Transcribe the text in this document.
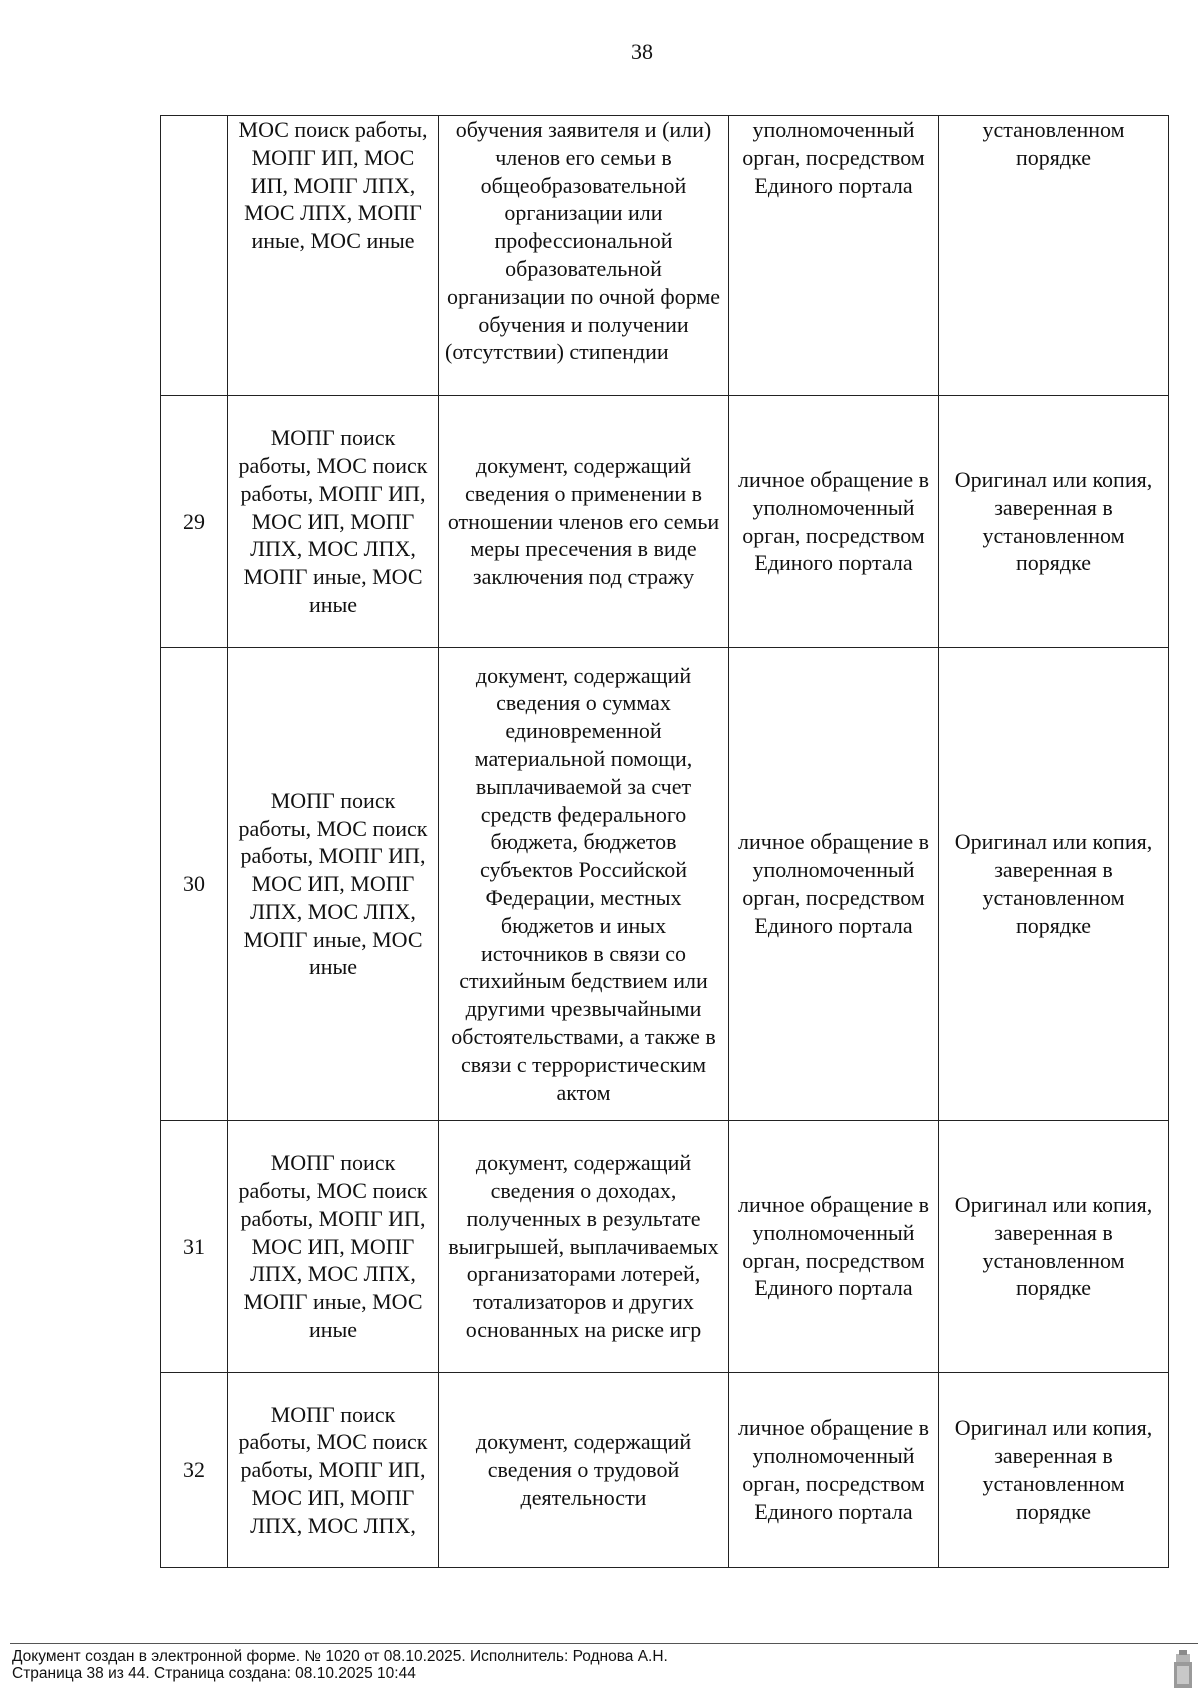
38
	МОС поиск работы, МОПГ ИП, МОС ИП, МОПГ ЛПХ, МОС ЛПХ, МОПГ иные, МОС иные	обучения заявителя и (или) членов его семьи в общеобразовательной организации или профессиональной образовательной организации по очной форме обучения и получении (отсутствии) стипендии	уполномоченный орган, посредством Единого портала	установленном порядке
29	МОПГ поиск работы, МОС поиск работы, МОПГ ИП, МОС ИП, МОПГ ЛПХ, МОС ЛПХ, МОПГ иные, МОС иные	документ, содержащий сведения о применении в отношении членов его семьи меры пресечения в виде заключения под стражу	личное обращение в уполномоченный орган, посредством Единого портала	Оригинал или копия, заверенная в установленном порядке
30	МОПГ поиск работы, МОС поиск работы, МОПГ ИП, МОС ИП, МОПГ ЛПХ, МОС ЛПХ, МОПГ иные, МОС иные	документ, содержащий сведения о суммах единовременной материальной помощи, выплачиваемой за счет средств федерального бюджета, бюджетов субъектов Российской Федерации, местных бюджетов и иных источников в связи со стихийным бедствием или другими чрезвычайными обстоятельствами, а также в связи с террористическим актом	личное обращение в уполномоченный орган, посредством Единого портала	Оригинал или копия, заверенная в установленном порядке
31	МОПГ поиск работы, МОС поиск работы, МОПГ ИП, МОС ИП, МОПГ ЛПХ, МОС ЛПХ, МОПГ иные, МОС иные	документ, содержащий сведения о доходах, полученных в результате выигрышей, выплачиваемых организаторами лотерей, тотализаторов и других основанных на риске игр	личное обращение в уполномоченный орган, посредством Единого портала	Оригинал или копия, заверенная в установленном порядке
32	МОПГ поиск работы, МОС поиск работы, МОПГ ИП, МОС ИП, МОПГ ЛПХ, МОС ЛПХ,	документ, содержащий сведения о трудовой деятельности	личное обращение в уполномоченный орган, посредством Единого портала	Оригинал или копия, заверенная в установленном порядке
Документ создан в электронной форме. № 1020 от 08.10.2025. Исполнитель: Роднова А.Н.
Страница 38 из 44. Страница создана: 08.10.2025 10:44
